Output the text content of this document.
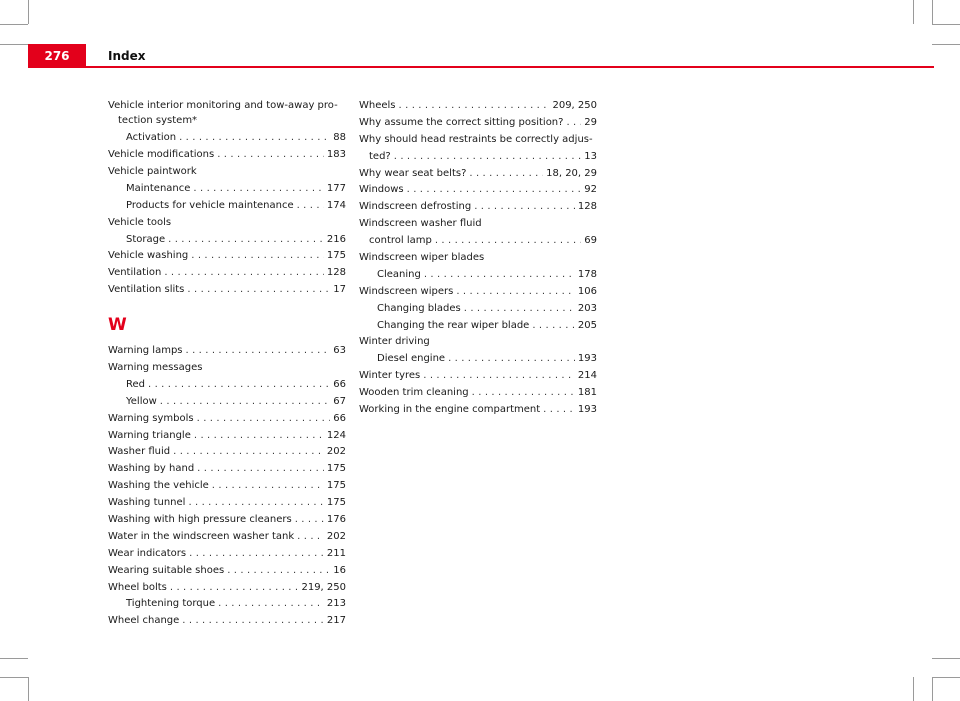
276	Index
Vehicle interior monitoring and tow-away pro-
tection system*
Activation .....	88
Vehicle modifications .....	183
Vehicle paintwork
Maintenance .....	177
Products for vehicle maintenance .....	174
Vehicle tools
Storage .....	216
Vehicle washing .....	175
Ventilation .....	128
Ventilation slits .....	17
W
Warning lamps .....	63
Warning messages
Red .....	66
Yellow .....	67
Warning symbols .....	66
Warning triangle .....	124
Washer fluid .....	202
Washing by hand .....	175
Washing the vehicle .....	175
Washing tunnel .....	175
Washing with high pressure cleaners .....	176
Water in the windscreen washer tank .....	202
Wear indicators .....	211
Wearing suitable shoes .....	16
Wheel bolts .....	219, 250
Tightening torque .....	213
Wheel change .....	217
Wheels .....	209, 250
Why assume the correct sitting position? ..... 29
Why should head restraints be correctly adjus-
ted? .....	13
Why wear seat belts? .....	18, 20, 29
Windows .....	92
Windscreen defrosting .....	128
Windscreen washer fluid
control lamp .....	69
Windscreen wiper blades
Cleaning .....	178
Windscreen wipers .....	106
Changing blades .....	203
Changing the rear wiper blade .....	205
Winter driving
Diesel engine .....	193
Winter tyres .....	214
Wooden trim cleaning .....	181
Working in the engine compartment .....	193
